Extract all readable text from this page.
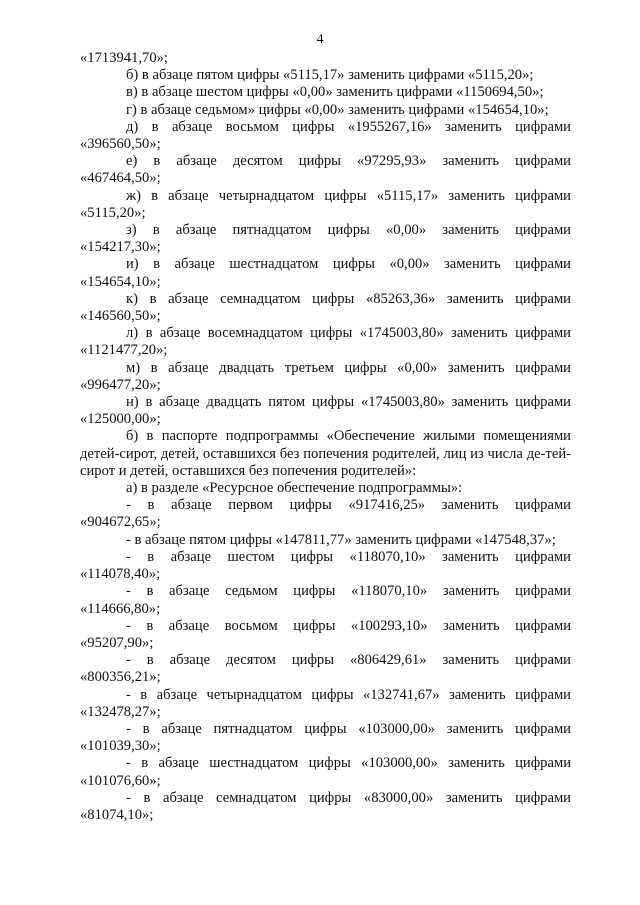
4

«1713941,70»;

б) в абзаце пятом цифры «5115,17» заменить цифрами «5115,20»;

в) в абзаце шестом цифры «0,00» заменить цифрами «1150694,50»;

г) в абзаце седьмом» цифры «0,00» заменить цифрами «154654,10»;

д) в абзаце восьмом цифры «1955267,16» заменить цифрами

«396560,50»;

е) в абзаце десятом цифры «97295,93» заменить цифрами

«467464,50»;

ж) в абзаце четырнадцатом цифры «5115,17» заменить цифрами

«5115,20»;

з) в абзаце пятнадцатом цифры «0,00» заменить цифрами

«154217,30»;

и) в абзаце шестнадцатом цифры «0,00» заменить цифрами

«154654,10»;

к) в абзаце семнадцатом цифры «85263,36» заменить цифрами

«146560,50»;

л) в абзаце восемнадцатом цифры «1745003,80» заменить цифрами

«1121477,20»;

м) в абзаце двадцать третьем цифры «0,00» заменить цифрами

«996477,20»;

н) в абзаце двадцать пятом цифры «1745003,80» заменить цифрами

«125000,00»;

б) в паспорте подпрограммы «Обеспечение жилыми помещениями детей-сирот, детей, оставшихся без попечения родителей, лиц из числа де-тей-сирот и детей, оставшихся без попечения родителей»:

а) в разделе «Ресурсное обеспечение подпрограммы»:

- в абзаце первом цифры «917416,25» заменить цифрами

«904672,65»;

- в абзаце пятом цифры «147811,77» заменить цифрами «147548,37»;

- в абзаце шестом цифры «118070,10» заменить цифрами

«114078,40»;

- в абзаце седьмом цифры «118070,10» заменить цифрами

«114666,80»;

- в абзаце восьмом цифры «100293,10» заменить цифрами

«95207,90»;

- в абзаце десятом цифры «806429,61» заменить цифрами

«800356,21»;

- в абзаце четырнадцатом цифры «132741,67» заменить цифрами

«132478,27»;

- в абзаце пятнадцатом цифры «103000,00» заменить цифрами

«101039,30»;

- в абзаце шестнадцатом цифры «103000,00» заменить цифрами

«101076,60»;

- в абзаце семнадцатом цифры «83000,00» заменить цифрами

«81074,10»;
